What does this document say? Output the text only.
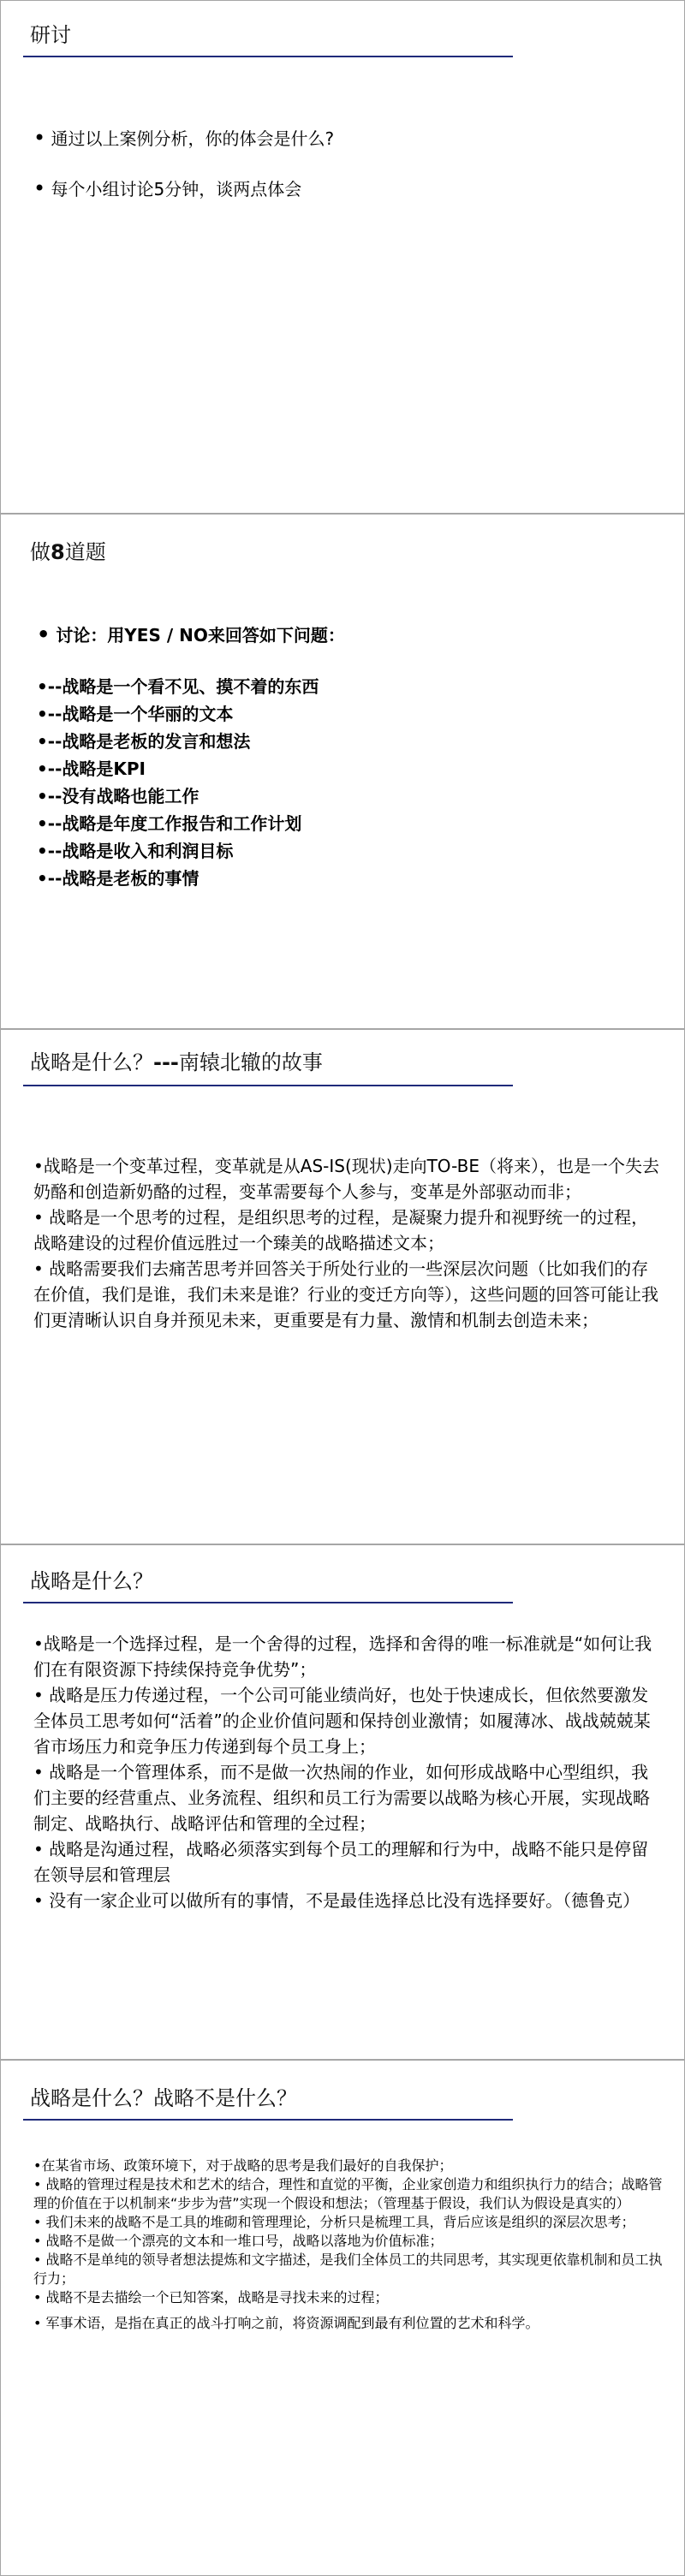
研讨

• 通过以上案例分析，你的体会是什么?

• 每个小组讨论5分钟，谈两点体会

做8道题

• 讨论：用YES / NO来回答如下问题：

•--战略是一个看不见、摸不着的东西

•--战略是一个华丽的文本

•--战略是老板的发言和想法

•--战略是KPI

•--没有战略也能工作

•--战略是年度工作报告和工作计划

•--战略是收入和利润目标

•--战略是老板的事情

战略是什么？---南辕北辙的故事

•战略是一个变革过程，变革就是从AS-IS(现状)走向TO-BE（将来），也是一个失去奶酪和创造新奶酪的过程，变革需要每个人参与，变革是外部驱动而非；

• 战略是一个思考的过程，是组织思考的过程，是凝聚力提升和视野统一的过程，战略建设的过程价值远胜过一个臻美的战略描述文本；

• 战略需要我们去痛苦思考并回答关于所处行业的一些深层次问题（比如我们的存在价值，我们是谁，我们未来是谁？行业的变迁方向等），这些问题的回答可能让我们更清晰认识自身并预见未来，更重要是有力量、激情和机制去创造未来；

战略是什么？

•战略是一个选择过程，是一个舍得的过程，选择和舍得的唯一标准就是“如何让我们在有限资源下持续保持竞争优势”；

• 战略是压力传递过程，一个公司可能业绩尚好，也处于快速成长，但依然要激发全体员工思考如何“活着”的企业价值问题和保持创业激情；如履薄冰、战战兢兢某省市场压力和竞争压力传递到每个员工身上；

• 战略是一个管理体系，而不是做一次热闹的作业，如何形成战略中心型组织，我们主要的经营重点、业务流程、组织和员工行为需要以战略为核心开展，实现战略制定、战略执行、战略评估和管理的全过程；

• 战略是沟通过程，战略必须落实到每个员工的理解和行为中，战略不能只是停留在领导层和管理层

• 没有一家企业可以做所有的事情，不是最佳选择总比没有选择要好。（德鲁克）

战略是什么？战略不是什么？

•在某省市场、政策环境下，对于战略的思考是我们最好的自我保护；

• 战略的管理过程是技术和艺术的结合，理性和直觉的平衡，企业家创造力和组织执行力的结合；战略管理的价值在于以机制来“步步为营”实现一个假设和想法；（管理基于假设，我们认为假设是真实的）

• 我们未来的战略不是工具的堆砌和管理理论，分析只是梳理工具，背后应该是组织的深层次思考；

• 战略不是做一个漂亮的文本和一堆口号，战略以落地为价值标准；

• 战略不是单纯的领导者想法提炼和文字描述，是我们全体员工的共同思考，其实现更依靠机制和员工执行力；

• 战略不是去描绘一个已知答案，战略是寻找未来的过程；

• 军事术语，是指在真正的战斗打响之前，将资源调配到最有利位置的艺术和科学。
